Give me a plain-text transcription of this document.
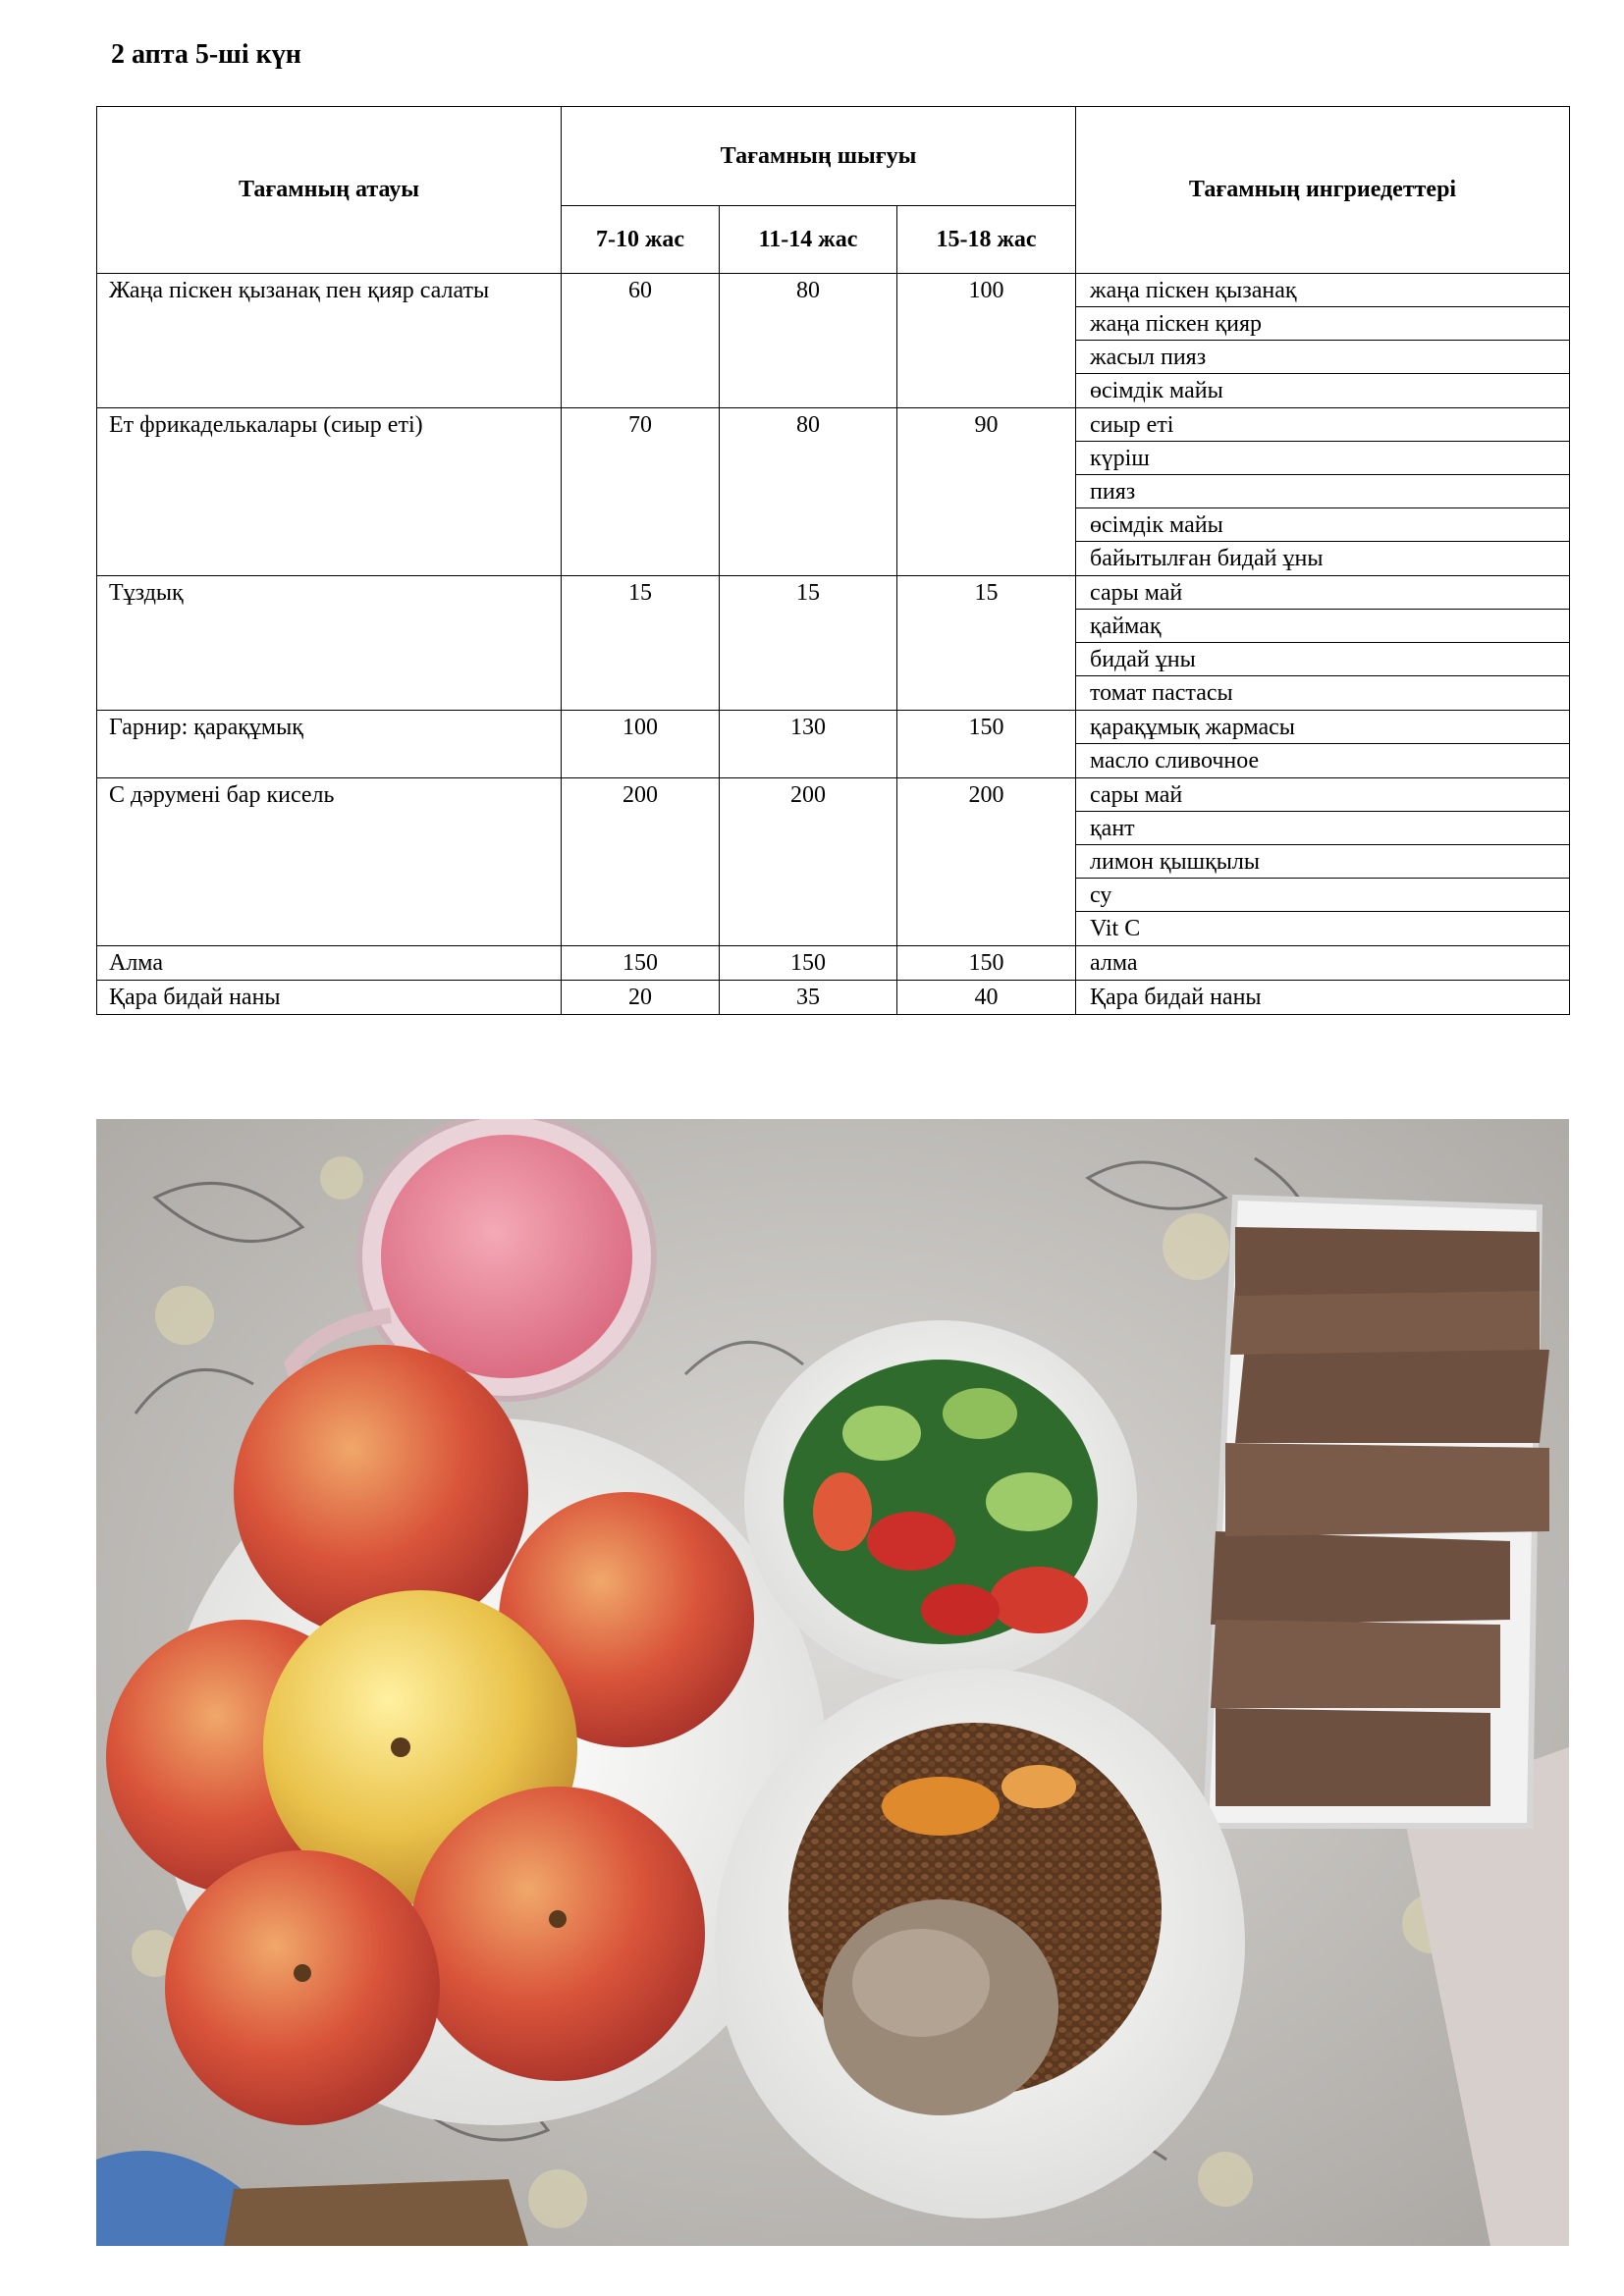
2 апта 5-ші күн
Тағамның атауы	Тағамның шығуы			Тағамның ингриедеттері
	7-10 жас	11-14 жас	15-18 жас	
Жаңа піскен қызанақ пен қияр салаты	60	80	100	жаңа піскен қызанақ
жаңа піскен қияр
жасыл пияз
өсімдік майы

Ет фрикаделькалары (сиыр еті)	70	80	90	сиыр еті
күріш
пияз
өсімдік майы
байытылған бидай ұны

Тұздық	15	15	15	сары май
қаймақ
бидай ұны
томат пастасы

Гарнир: қарақұмық	100	130	150	қарақұмық жармасы
масло сливочное

С дәрумені бар кисель	200	200	200	сары май
қант
лимон қышқылы
су
Vit C

Алма	150	150	150	алма

Қара бидай наны	20	35	40	Қара бидай наны
